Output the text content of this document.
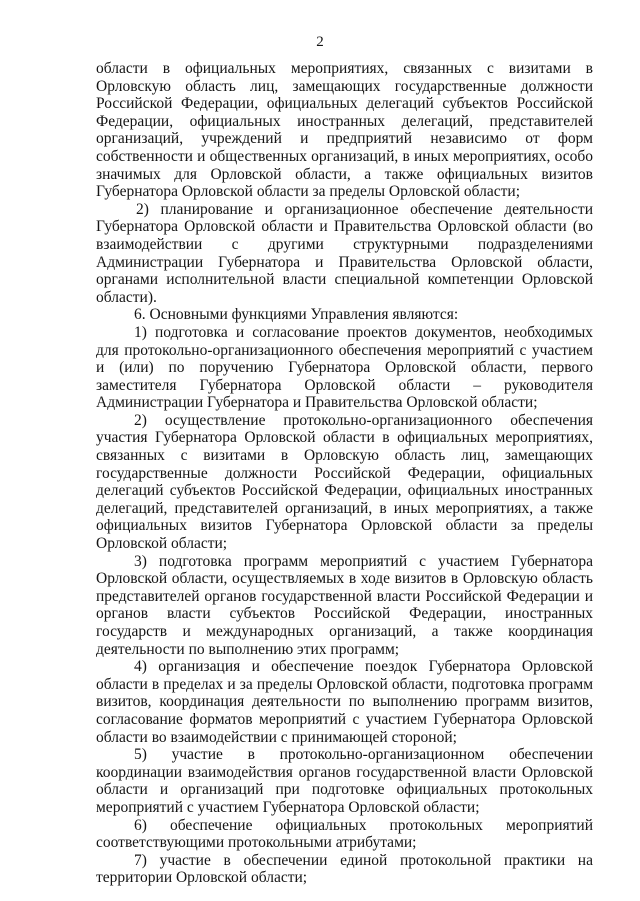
2

области в официальных мероприятиях, связанных с визитами в Орловскую область лиц, замещающих государственные должности Российской Федерации, официальных делегаций субъектов Российской Федерации, официальных иностранных делегаций, представителей организаций, учреждений и предприятий независимо от форм собственности и общественных организаций, в иных мероприятиях, особо значимых для Орловской области, а также официальных визитов Губернатора Орловской области за пределы Орловской области;

2) планирование и организационное обеспечение деятельности Губернатора Орловской области и Правительства Орловской области (во взаимодействии с другими структурными подразделениями Администрации Губернатора и Правительства Орловской области, органами исполнительной власти специальной компетенции Орловской области).

6. Основными функциями Управления являются:

1) подготовка и согласование проектов документов, необходимых для протокольно-организационного обеспечения мероприятий с участием и (или) по поручению Губернатора Орловской области, первого заместителя Губернатора Орловской области – руководителя Администрации Губернатора и Правительства Орловской области;

2) осуществление протокольно-организационного обеспечения участия Губернатора Орловской области в официальных мероприятиях, связанных с визитами в Орловскую область лиц, замещающих государственные должности Российской Федерации, официальных делегаций субъектов Российской Федерации, официальных иностранных делегаций, представителей организаций, в иных мероприятиях, а также официальных визитов Губернатора Орловской области за пределы Орловской области;

3) подготовка программ мероприятий с участием Губернатора Орловской области, осуществляемых в ходе визитов в Орловскую область представителей органов государственной власти Российской Федерации и органов власти субъектов Российской Федерации, иностранных государств и международных организаций, а также координация деятельности по выполнению этих программ;

4) организация и обеспечение поездок Губернатора Орловской области в пределах и за пределы Орловской области, подготовка программ визитов, координация деятельности по выполнению программ визитов, согласование форматов мероприятий с участием Губернатора Орловской области во взаимодействии с принимающей стороной;

5) участие в протокольно-организационном обеспечении координации взаимодействия органов государственной власти Орловской области и организаций при подготовке официальных протокольных мероприятий с участием Губернатора Орловской области;

6) обеспечение официальных протокольных мероприятий соответствующими протокольными атрибутами;

7) участие в обеспечении единой протокольной практики на территории Орловской области;
